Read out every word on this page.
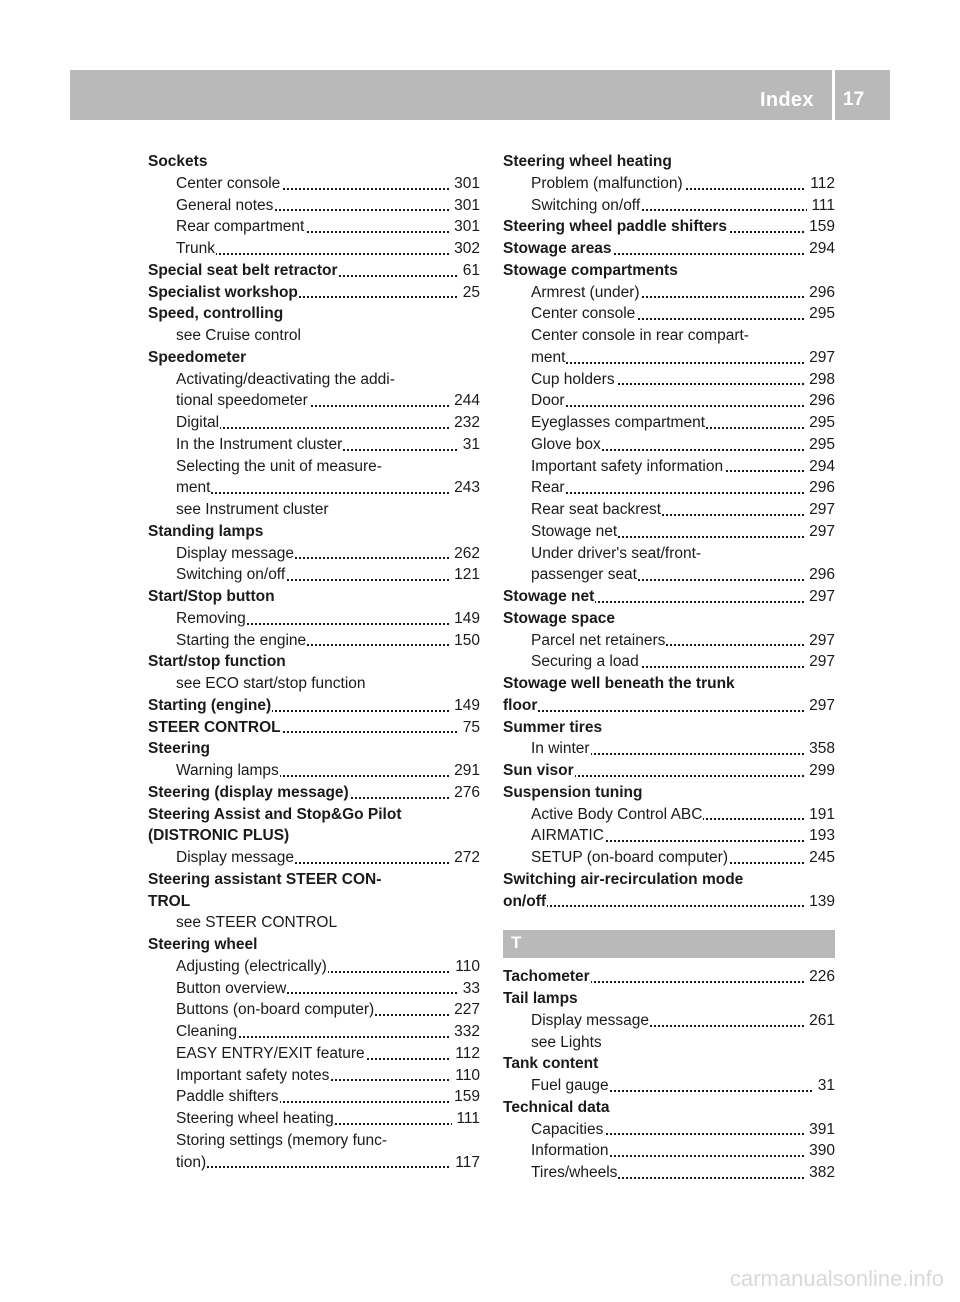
Index 17
Sockets
Center console	301
General notes	301
Rear compartment	301
Trunk	302
Special seat belt retractor	61
Specialist workshop	25
Speed, controlling
see Cruise control
Speedometer
Activating/deactivating the addi-
tional speedometer	244
Digital	232
In the Instrument cluster	31
Selecting the unit of measure-
ment	243
see Instrument cluster
Standing lamps
Display message	262
Switching on/off	121
Start/Stop button
Removing	149
Starting the engine	150
Start/stop function
see ECO start/stop function
Starting (engine)	149
STEER CONTROL	75
Steering
Warning lamps	291
Steering (display message)	276
Steering Assist and Stop&Go Pilot
(DISTRONIC PLUS)
Display message	272
Steering assistant STEER CON-
TROL
see STEER CONTROL
Steering wheel
Adjusting (electrically)	110
Button overview	33
Buttons (on-board computer)	227
Cleaning	332
EASY ENTRY/EXIT feature	112
Important safety notes	110
Paddle shifters	159
Steering wheel heating	111
Storing settings (memory func-
tion)	117
Steering wheel heating
Problem (malfunction)	112
Switching on/off	111
Steering wheel paddle shifters	159
Stowage areas	294
Stowage compartments
Armrest (under)	296
Center console	295
Center console in rear compart-
ment	297
Cup holders	298
Door	296
Eyeglasses compartment	295
Glove box	295
Important safety information	294
Rear	296
Rear seat backrest	297
Stowage net	297
Under driver's seat/front-
passenger seat	296
Stowage net	297
Stowage space
Parcel net retainers	297
Securing a load	297
Stowage well beneath the trunk
floor	297
Summer tires
In winter	358
Sun visor	299
Suspension tuning
Active Body Control ABC	191
AIRMATIC	193
SETUP (on-board computer)	245
Switching air-recirculation mode
on/off	139
T
Tachometer	226
Tail lamps
Display message	261
see Lights
Tank content
Fuel gauge	31
Technical data
Capacities	391
Information	390
Tires/wheels	382
carmanualsonline.info
